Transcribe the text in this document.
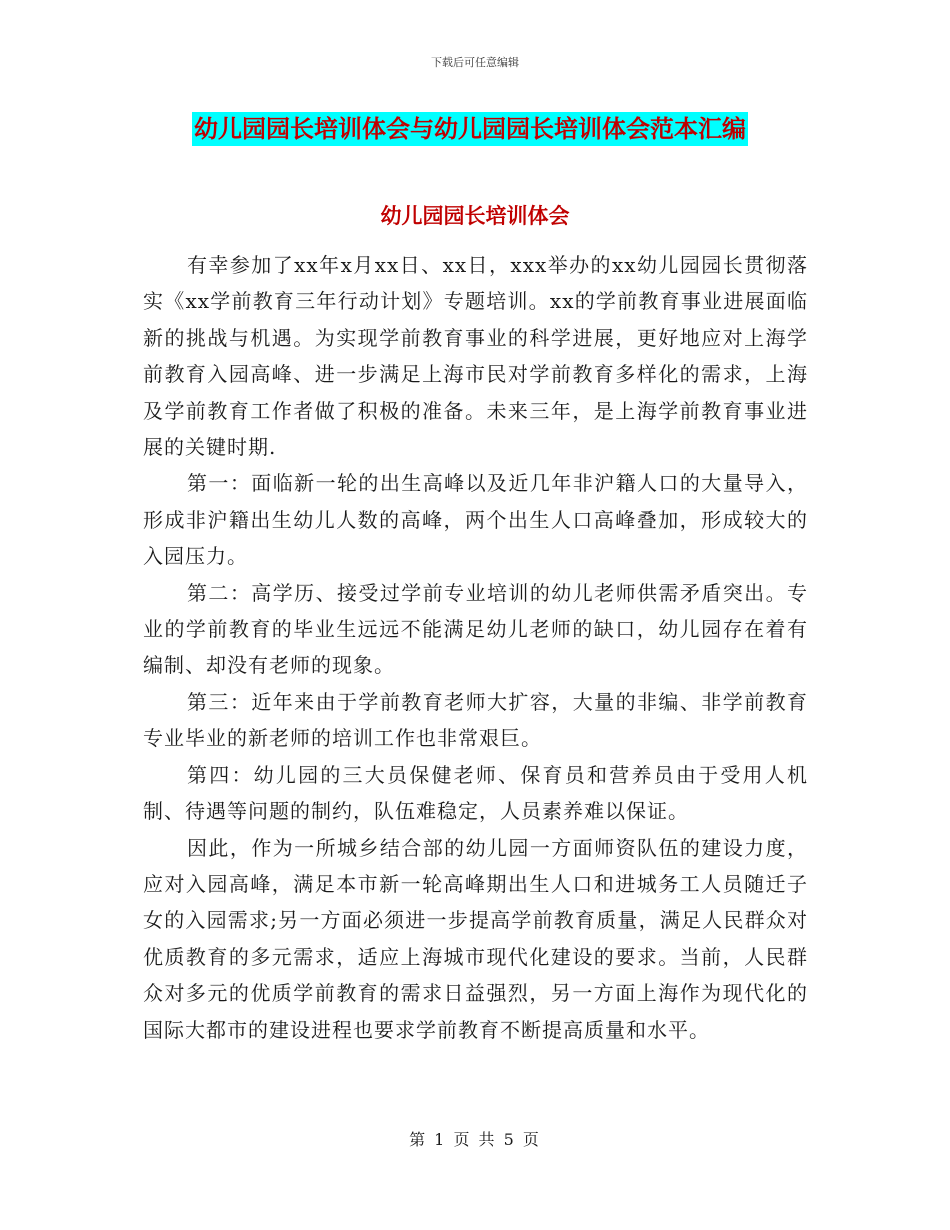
下载后可任意编辑
幼儿园园长培训体会与幼儿园园长培训体会范本汇编
幼儿园园长培训体会

有幸参加了xx年x月xx日、xx日，xxx举办的xx幼儿园园长贯彻落实《xx学前教育三年行动计划》专题培训。xx的学前教育事业进展面临新的挑战与机遇。为实现学前教育事业的科学进展，更好地应对上海学前教育入园高峰、进一步满足上海市民对学前教育多样化的需求，上海及学前教育工作者做了积极的准备。未来三年，是上海学前教育事业进展的关键时期.

第一：面临新一轮的出生高峰以及近几年非沪籍人口的大量导入，形成非沪籍出生幼儿人数的高峰，两个出生人口高峰叠加，形成较大的入园压力。

第二：高学历、接受过学前专业培训的幼儿老师供需矛盾突出。专业的学前教育的毕业生远远不能满足幼儿老师的缺口，幼儿园存在着有编制、却没有老师的现象。

第三：近年来由于学前教育老师大扩容，大量的非编、非学前教育专业毕业的新老师的培训工作也非常艰巨。

第四：幼儿园的三大员保健老师、保育员和营养员由于受用人机制、待遇等问题的制约，队伍难稳定，人员素养难以保证。

因此，作为一所城乡结合部的幼儿园一方面师资队伍的建设力度，应对入园高峰，满足本市新一轮高峰期出生人口和进城务工人员随迁子女的入园需求;另一方面必须进一步提高学前教育质量，满足人民群众对优质教育的多元需求，适应上海城市现代化建设的要求。当前，人民群众对多元的优质学前教育的需求日益强烈，另一方面上海作为现代化的国际大都市的建设进程也要求学前教育不断提高质量和水平。

第 1 页 共 5 页
